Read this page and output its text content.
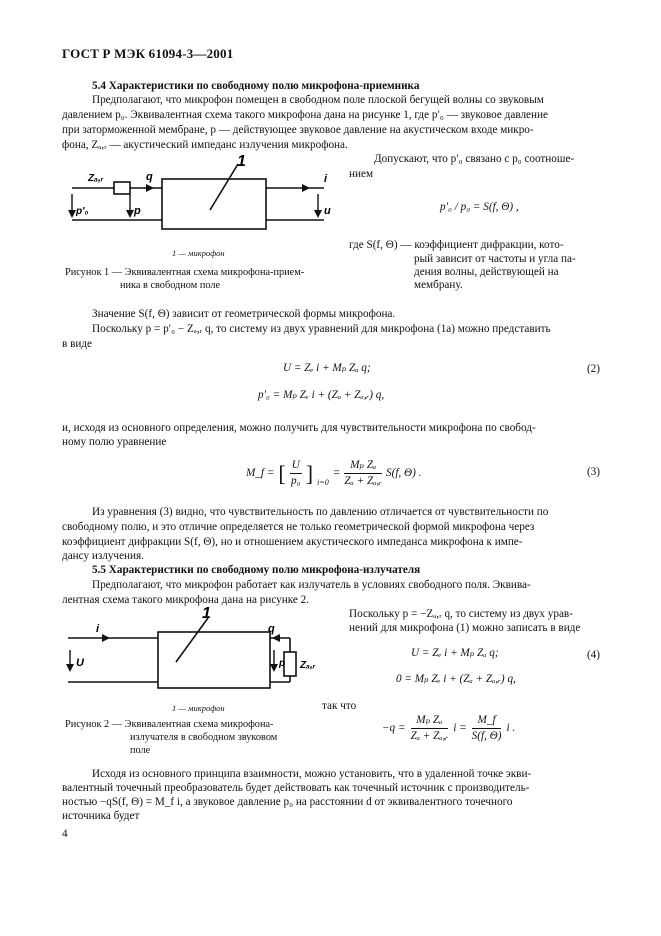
ГОСТ Р МЭК 61094-3—2001
5.4 Характеристики по свободному полю микрофона-приемника
Предполагают, что микрофон помещен в свободном поле плоской бегущей волны со звуковым
давлением p₀. Эквивалентная схема такого микрофона дана на рисунке 1, где p′₀ — звуковое давление
при заторможенной мембране, p — действующее звуковое давление на акустическом входе микро-
фона, Zₐ,ᵣ — акустический импеданс излучения микрофона.
1
Zₐ,ᵣ	q	i
p′₀	p	u
1 — микрофон
Рисунок 1 — Эквивалентная схема микрофона-прием-
ника в свободном поле
Допускают, что p′₀ связано с p₀ соотноше-
нием
p′₀ / p₀ = S(f, Θ) ,
где S(f, Θ) — коэффициент дифракции, кото-
рый зависит от частоты и угла па-
дения волны, действующей на
мембрану.
Значение S(f, Θ) зависит от геометрической формы микрофона.
Поскольку p = p′₀ − Zₐ,ᵣ q, то систему из двух уравнений для микрофона (1а) можно представить
в виде
U = Zₑ i + Mₚ Zₐ q;
p′₀ = Mₚ Zₑ i + (Zₐ + Zₐ,ᵣ) q,
(2)
и, исходя из основного определения, можно получить для чувствительности микрофона по свобод-
ному полю уравнение
M_f = [ $\frac{U}{\text{p₀}}$ ] i=0
= $\frac{\text{Mₚ Zₐ}}{\text{Zₐ + Zₐ,ᵣ}} S(f$, Θ) .	(3)
Из уравнения (3) видно, что чувствительность по давлению отличается от чувствительности по
свободному полю, и это отличие определяется не только геометрической формой микрофона через
коэффициент дифракции S(f, Θ), но и отношением акустического импеданса микрофона к импе-
дансу излучения.
5.5 Характеристики по свободному полю микрофона-излучателя
Предполагают, что микрофон работает как излучатель в условиях свободного поля. Эквива-
лентная схема такого микрофона дана на рисунке 2.
1
i	q
U	p Zₐ,ᵣ
1 — микрофон
Рисунок 2 — Эквивалентная схема микрофона-
излучателя в свободном звуковом
поле
Поскольку p = −Zₐ,ᵣ q, то систему из двух урав-
нений для микрофона (1) можно записать в виде
U = Zₑ i + Mₚ Zₐ q;
0 = Mₚ Zₑ i + (Zₐ + Zₐ,ᵣ) q,
(4)
так что
$-q = \frac{\text{Mₚ Zₐ}}{\text{Zₐ + Zₐ,ᵣ}}$ $i = \frac{M\_f}{S(f, \Theta)}$ i .
Исходя из основного принципа взаимности, можно установить, что в удаленной точке экви-
валентный точечный преобразователь будет действовать как точечный источник с производитель-
ностью −qS(f, Θ) = M_f i, а звуковое давление p₀ на расстоянии d от эквивалентного точечного
источника будет
4
